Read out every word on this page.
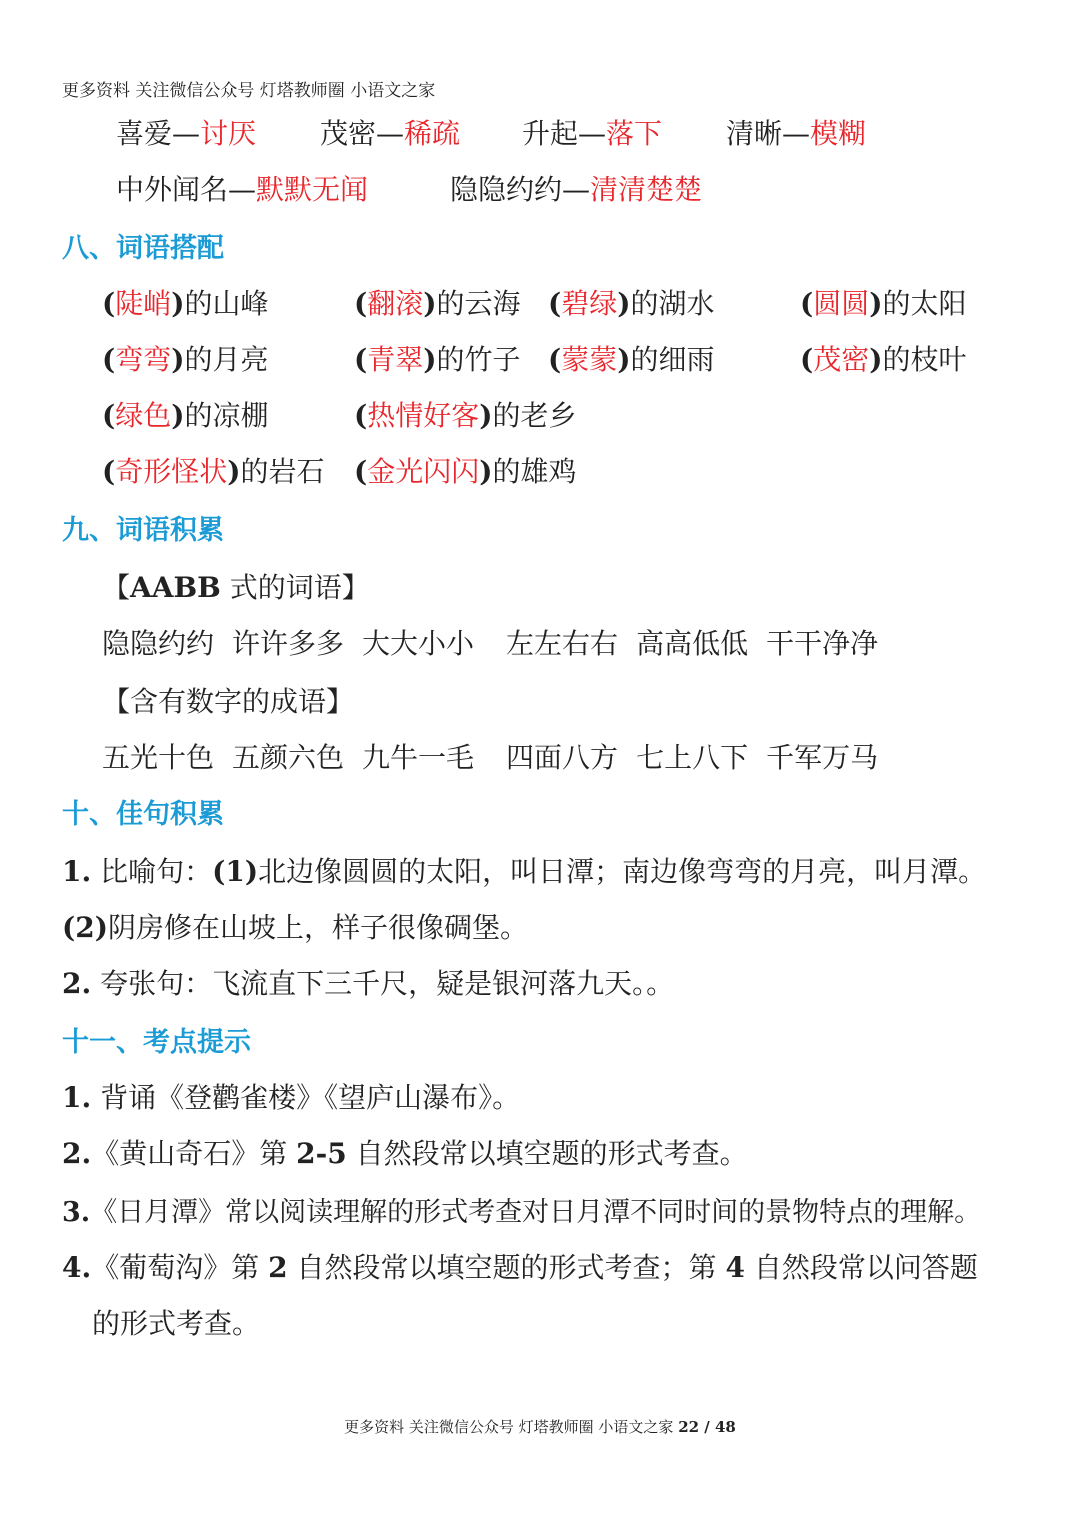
更多资料 关注微信公众号 灯塔教师圈 小语文之家
喜爱—讨厌 茂密—稀疏 升起—落下 清晰—模糊
中外闻名—默默无闻	隐隐约约—清清楚楚
八、词语搭配
(陡峭)的山峰	(翻滚)的云海 (碧绿)的湖水	(圆圆)的太阳
(弯弯)的月亮	(青翠)的竹子 (蒙蒙)的细雨	(茂密)的枝叶
(绿色)的凉棚	(热情好客)的老乡
(奇形怪状)的岩石 (金光闪闪)的雄鸡
九、词语积累
【AABB 式的词语】
隐隐约约 许许多多 大大小小 左左右右 高高低低 干干净净
【含有数字的成语】
五光十色 五颜六色 九牛一毛 四面八方 七上八下 千军万马
十、佳句积累
1. 比喻句：(1)北边像圆圆的太阳，叫日潭；南边像弯弯的月亮，叫月潭。
(2)阴房修在山坡上，样子很像碉堡。
2. 夸张句：飞流直下三千尺，疑是银河落九天。。
十一、考点提示
1. 背诵《登鹳雀楼》《望庐山瀑布》。
2.《黄山奇石》第 2-5 自然段常以填空题的形式考查。
3.《日月潭》常以阅读理解的形式考查对日月潭不同时间的景物特点的理解。
4.《葡萄沟》第 2 自然段常以填空题的形式考查；第 4 自然段常以问答题
的形式考查。
更多资料 关注微信公众号 灯塔教师圈 小语文之家 22 / 48
